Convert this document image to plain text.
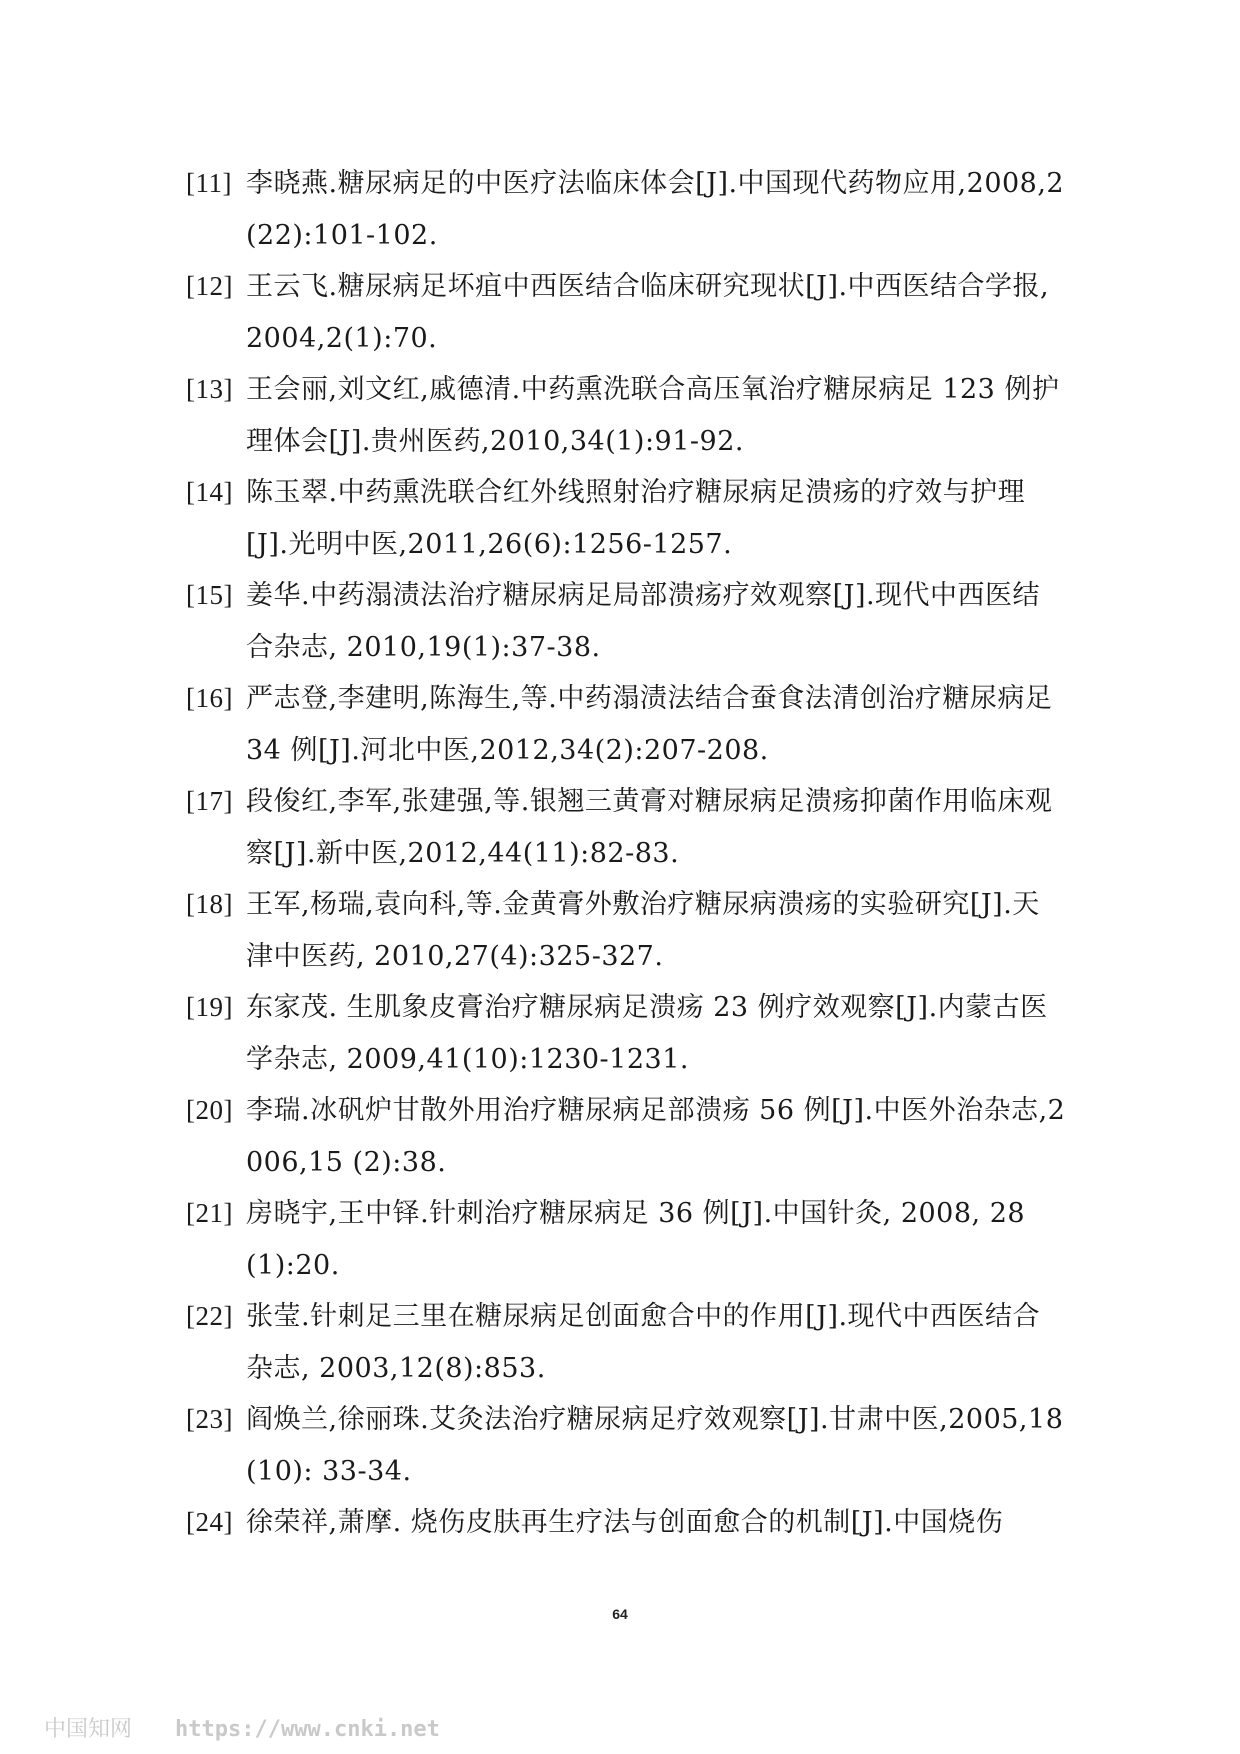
[11] 李晓燕.糖尿病足的中医疗法临床体会[J].中国现代药物应用,2008,2(22):101-102.
[12] 王云飞.糖尿病足坏疽中西医结合临床研究现状[J].中西医结合学报,2004,2(1):70.
[13] 王会丽,刘文红,戚德清.中药熏洗联合高压氧治疗糖尿病足 123 例护理体会[J].贵州医药,2010,34(1):91-92.
[14] 陈玉翠.中药熏洗联合红外线照射治疗糖尿病足溃疡的疗效与护理[J].光明中医,2011,26(6):1256-1257.
[15] 姜华.中药溻渍法治疗糖尿病足局部溃疡疗效观察[J].现代中西医结合杂志, 2010,19(1):37-38.
[16] 严志登,李建明,陈海生,等.中药溻渍法结合蚕食法清创治疗糖尿病足 34 例[J].河北中医,2012,34(2):207-208.
[17] 段俊红,李军,张建强,等.银翘三黄膏对糖尿病足溃疡抑菌作用临床观察[J].新中医,2012,44(11):82-83.
[18] 王军,杨瑞,袁向科,等.金黄膏外敷治疗糖尿病溃疡的实验研究[J].天津中医药, 2010,27(4):325-327.
[19] 东家茂. 生肌象皮膏治疗糖尿病足溃疡 23 例疗效观察[J].内蒙古医学杂志, 2009,41(10):1230-1231.
[20] 李瑞.冰矾炉甘散外用治疗糖尿病足部溃疡 56 例[J].中医外治杂志,2006,15 (2):38.
[21] 房晓宇,王中铎.针刺治疗糖尿病足 36 例[J].中国针灸, 2008, 28(1):20.
[22] 张莹.针刺足三里在糖尿病足创面愈合中的作用[J].现代中西医结合杂志, 2003,12(8):853.
[23] 阎焕兰,徐丽珠.艾灸法治疗糖尿病足疗效观察[J].甘肃中医,2005,18(10): 33-34.
[24] 徐荣祥,萧摩. 烧伤皮肤再生疗法与创面愈合的机制[J].中国烧伤
64
中国知网 https://www.cnki.net
